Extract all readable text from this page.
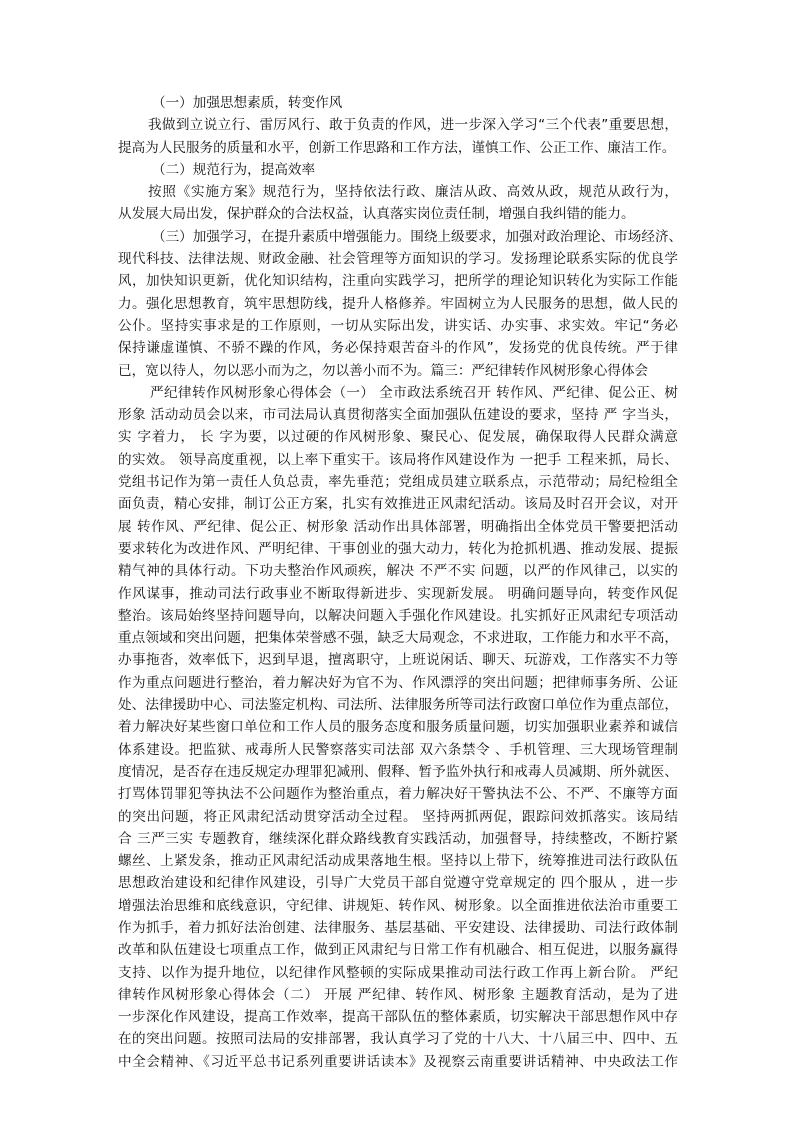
（一）加强思想素质，转变作风
我做到立说立行、雷厉风行、敢于负责的作风，进一步深入学习“三个代表”重要思想，
提高为人民服务的质量和水平，创新工作思路和工作方法，谨慎工作、公正工作、廉洁工作。
（二）规范行为，提高效率
按照《实施方案》规范行为，坚持依法行政、廉洁从政、高效从政，规范从政行为，
从发展大局出发，保护群众的合法权益，认真落实岗位责任制，增强自我纠错的能力。
（三）加强学习，在提升素质中增强能力。围绕上级要求，加强对政治理论、市场经济、
现代科技、法律法规、财政金融、社会管理等方面知识的学习。发扬理论联系实际的优良学
风，加快知识更新，优化知识结构，注重向实践学习，把所学的理论知识转化为实际工作能
力。强化思想教育，筑牢思想防线，提升人格修养。牢固树立为人民服务的思想，做人民的
公仆。坚持实事求是的工作原则，一切从实际出发，讲实话、办实事、求实效。牢记“务必
保持谦虚谨慎、不骄不躁的作风，务必保持艰苦奋斗的作风”，发扬党的优良传统。严于律
已，宽以待人，勿以恶小而为之，勿以善小而不为。篇三：严纪律转作风树形象心得体会
严纪律转作风树形象心得体会（一） 全市政法系统召开 转作风、严纪律、促公正、树
形象 活动动员会以来，市司法局认真贯彻落实全面加强队伍建设的要求，坚持 严 字当头，
实 字着力， 长 字为要，以过硬的作风树形象、聚民心、促发展，确保取得人民群众满意
的实效。 领导高度重视，以上率下重实干。该局将作风建设作为 一把手 工程来抓，局长、
党组书记作为第一责任人负总责，率先垂范；党组成员建立联系点，示范带动；局纪检组全
面负责，精心安排，制订公正方案，扎实有效推进正风肃纪活动。该局及时召开会议，对开
展 转作风、严纪律、促公正、树形象 活动作出具体部署，明确指出全体党员干警要把活动
要求转化为改进作风、严明纪律、干事创业的强大动力，转化为抢抓机遇、推动发展、提振
精气神的具体行动。下功夫整治作风顽疾，解决 不严不实 问题，以严的作风律己，以实的
作风谋事，推动司法行政事业不断取得新进步、实现新发展。 明确问题导向，转变作风促
整治。该局始终坚持问题导向，以解决问题入手强化作风建设。扎实抓好正风肃纪专项活动
重点领域和突出问题，把集体荣誉感不强，缺乏大局观念，不求进取，工作能力和水平不高，
办事拖沓，效率低下，迟到早退，擅离职守，上班说闲话、聊天、玩游戏，工作落实不力等
作为重点问题进行整治，着力解决好为官不为、作风漂浮的突出问题；把律师事务所、公证
处、法律援助中心、司法鉴定机构、司法所、法律服务所等司法行政窗口单位作为重点部位，
着力解决好某些窗口单位和工作人员的服务态度和服务质量问题，切实加强职业素养和诚信
体系建设。把监狱、戒毒所人民警察落实司法部 双六条禁令 、手机管理、三大现场管理制
度情况，是否存在违反规定办理罪犯减刑、假释、暂予监外执行和戒毒人员减期、所外就医、
打骂体罚罪犯等执法不公问题作为整治重点，着力解决好干警执法不公、不严、不廉等方面
的突出问题，将正风肃纪活动贯穿活动全过程。 坚持两抓两促，跟踪问效抓落实。该局结
合 三严三实 专题教育，继续深化群众路线教育实践活动，加强督导，持续整改，不断拧紧
螺丝、上紧发条，推动正风肃纪活动成果落地生根。坚持以上带下，统筹推进司法行政队伍
思想政治建设和纪律作风建设，引导广大党员干部自觉遵守党章规定的 四个服从 ，进一步
增强法治思维和底线意识，守纪律、讲规矩、转作风、树形象。以全面推进依法治市重要工
作为抓手，着力抓好法治创建、法律服务、基层基础、平安建设、法律援助、司法行政体制
改革和队伍建设七项重点工作，做到正风肃纪与日常工作有机融合、相互促进，以服务赢得
支持、以作为提升地位，以纪律作风整顿的实际成果推动司法行政工作再上新台阶。 严纪
律转作风树形象心得体会（二） 开展 严纪律、转作风、树形象 主题教育活动，是为了进
一步深化作风建设，提高工作效率，提高干部队伍的整体素质，切实解决干部思想作风中存
在的突出问题。按照司法局的安排部署，我认真学习了党的十八大、十八届三中、四中、五
中全会精神、《习近平总书记系列重要讲话读本》及视察云南重要讲话精神、中央政法工作
